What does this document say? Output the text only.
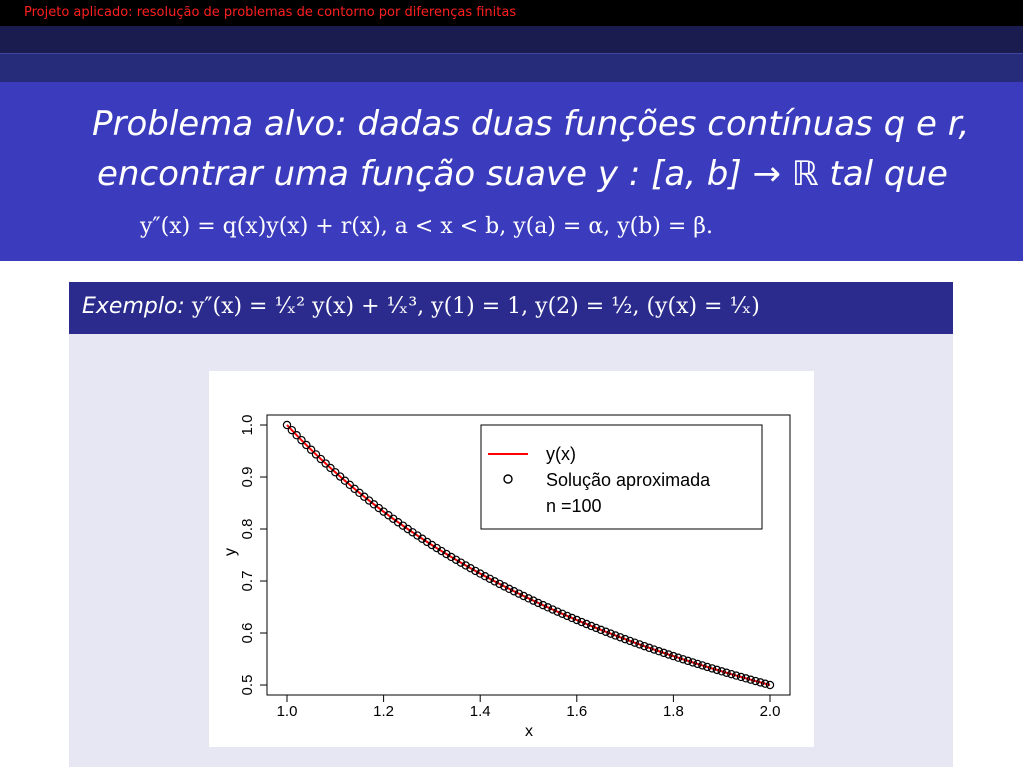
Projeto aplicado: resolução de problemas de contorno por diferenças finitas
Problema alvo: dadas duas funções contínuas q e r,
encontrar uma função suave y : [a, b] → ℝ tal que
y″(x) = q(x)y(x) + r(x), a < x < b, y(a) = α, y(b) = β.
Exemplo: y″(x) = ¹⁄ₓ² y(x) + ¹⁄ₓ³, y(1) = 1, y(2) = ½, (y(x) = ¹⁄ₓ)
1.0	1.2	1.4	1.6	1.8	2.0
0.5
0.6
0.7
0.8
0.9
1.0
x
y
y(x)
Solução aproximada
n =100
